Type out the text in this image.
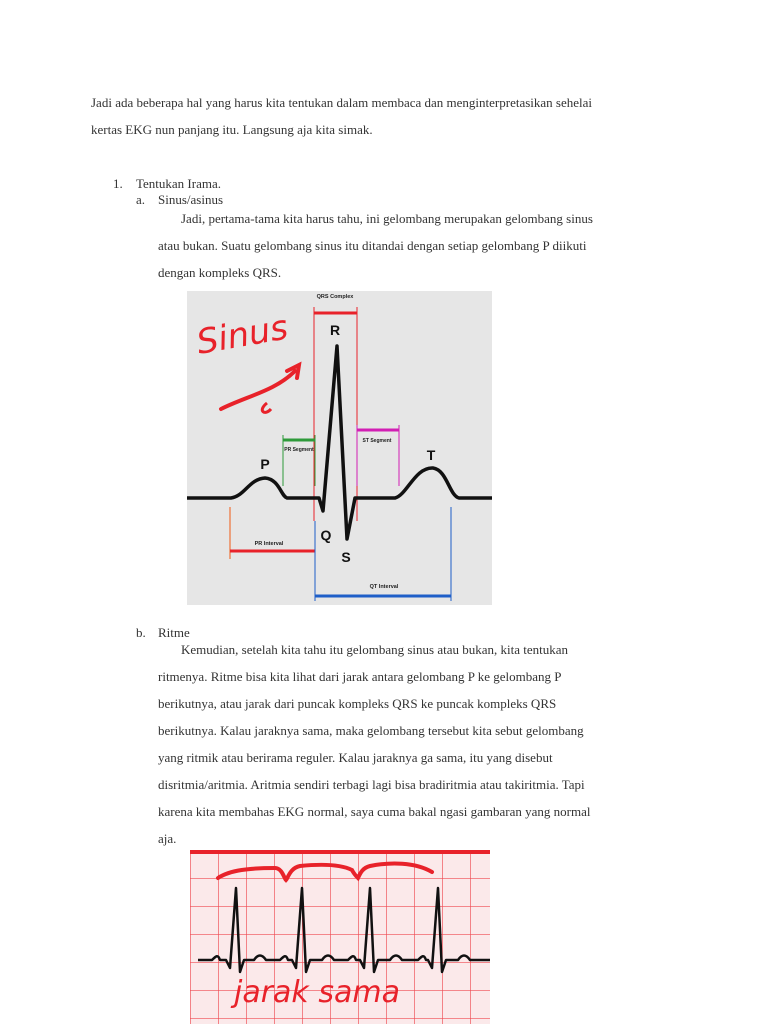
Jadi ada beberapa hal yang harus kita tentukan dalam membaca dan menginterpretasikan sehelai
kertas EKG nun panjang itu. Langsung aja kita simak.
1. Tentukan Irama.
a. Sinus/asinus
Jadi, pertama-tama kita harus tahu, ini gelombang merupakan gelombang sinus
atau bukan. Suatu gelombang sinus itu ditandai dengan setiap gelombang P diikuti
dengan kompleks QRS.
Sinus
QRS Complex
PR Segment
ST Segment
R
P
T
Q
S
PR Interval
QT Interval
b. Ritme
Kemudian, setelah kita tahu itu gelombang sinus atau bukan, kita tentukan
ritmenya. Ritme bisa kita lihat dari jarak antara gelombang P ke gelombang P
berikutnya, atau jarak dari puncak kompleks QRS ke puncak kompleks QRS
berikutnya. Kalau jaraknya sama, maka gelombang tersebut kita sebut gelombang
yang ritmik atau berirama reguler. Kalau jaraknya ga sama, itu yang disebut
disritmia/aritmia. Aritmia sendiri terbagi lagi bisa bradiritmia atau takiritmia. Tapi
karena kita membahas EKG normal, saya cuma bakal ngasi gambaran yang normal
aja.
jarak sama
